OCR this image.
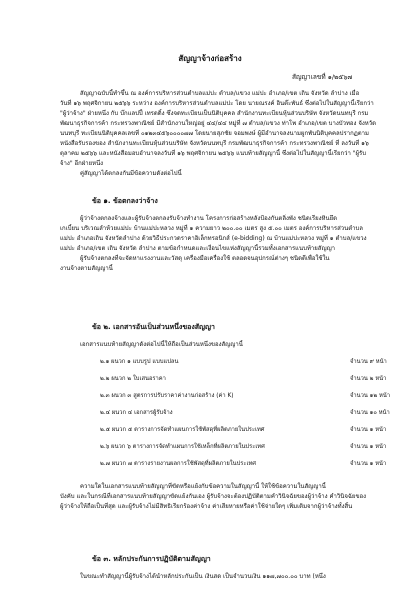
สัญญาจ้างก่อสร้าง
สัญญาเลขที่ ๑/๒๕๖๗
สัญญาฉบับนี้ทำขึ้น ณ องค์การบริหารส่วนตำบลแม่ปะ ตำบล/แขวง แม่ปะ อำเภอ/เขต เถิน จังหวัด ลำปาง เมื่อ
วันที่ ๑๖ พฤศจิกายน ๒๕๖๖ ระหว่าง องค์การบริหารส่วนตำบลแม่ปะ โดย นายณรงค์ อินต๊ะพันธ์ ซึ่งต่อไปในสัญญานี้เรียกว่า
"ผู้ว่าจ้าง" ฝ่ายหนึ่ง กับ บ๊กแลปปี้ เทรดดิ้ง ซึ่งจดทะเบียนเป็นนิติบุคคล สำนักงานทะเบียนหุ้นส่วนบริษัท จังหวัดนนทบุรี กรม
พัฒนาธุรกิจการค้า กระทรวงพาณิชย์ มีสำนักงานใหญ่อยู่ ๔๔/๔๔ หมู่ที่ ๗ ตำบล/แขวง ท่าโพ อำเภอ/เขต บางบัวทอง จังหวัด
นนทบุรี ทะเบียนนิติบุคคลเลขที่ ๐๑๒๓๔๕๖๐๐๐๐๗๗ โดยนายสุภชัย จอมพงษ์ ผู้มีอำนาจลงนามผูกพันนิติบุคคลปรากฏตาม
หนังสือรับรองของ สำนักงานทะเบียนหุ้นส่วนบริษัท จังหวัดนนทบุรี กรมพัฒนาธุรกิจการค้า กระทรวงพาณิชย์ ที่ ลงวันที่ ๑๖
ตุลาคม ๒๕๖๖ และหนังสือมอบอำนาจลงวันที่ ๑๖ พฤศจิกายน ๒๕๖๖ แนบท้ายสัญญานี้ ซึ่งต่อไปในสัญญานี้เรียกว่า "ผู้รับ
จ้าง" อีกฝ่ายหนึ่ง
คู่สัญญาได้ตกลงกันมีข้อความดังต่อไปนี้
ข้อ ๑. ข้อตกลงว่าจ้าง
ผู้ว่าจ้างตกลงจ้างและผู้รับจ้างตกลงรับจ้างทำงาน โครงการก่อสร้างหลังป้องกันตลิ่งพัง ชนิดเรียงหินยึด
เกเบี้ยน บริเวณลำห้วยแม่ปะ บ้านแม่ปะหลวง หมู่ที่ ๑ ความยาว ๒๐๐.๐๐ เมตร สูง ๕.๐๐ เมตร องค์การบริหารส่วนตำบล
แม่ปะ อำเภอเถิน จังหวัดลำปาง ด้วยวิธีประกวดราคาอิเล็กทรอนิกส์ (e-bidding) ณ บ้านแม่ปะหลวง หมู่ที่ ๑ ตำบล/แขวง
แม่ปะ อำเภอ/เขต เถิน จังหวัด ลำปาง ตามข้อกำหนดและเงื่อนไขแห่งสัญญานี้รวมทั้งเอกสารแนบท้ายสัญญา
ผู้รับจ้างตกลงที่จะจัดหาแรงงานและวัสดุ เครื่องมือเครื่องใช้ ตลอดจนอุปกรณ์ต่างๆ ชนิดดีเพื่อใช้ใน
งานจ้างตามสัญญานี้
ข้อ ๒. เอกสารอันเป็นส่วนหนึ่งของสัญญา
เอกสารแนบท้ายสัญญาดังต่อไปนี้ให้ถือเป็นส่วนหนึ่งของสัญญานี้
๒.๑ ผนวก ๑ แบบรูป แบบแปลน	จำนวน ๙ หน้า
๒.๒ ผนวก ๒ ใบเสนอราคา	จำนวน ๒ หน้า
๒.๓ ผนวก ๓ สูตรการปรับราคาค่างานก่อสร้าง (ค่า K)	จำนวน ๑๒ หน้า
๒.๔ ผนวก ๔ เอกสารผู้รับจ้าง	จำนวน ๑๐ หน้า
๒.๕ ผนวก ๕ ตารางการจัดทำแผนการใช้พัสดุที่ผลิตภายในประเทศ	จำนวน ๑ หน้า
๒.๖ ผนวก ๖ ตารางการจัดทำแผนการใช้เหล็กที่ผลิตภายในประเทศ	จำนวน ๑ หน้า
๒.๗ ผนวก ๗ ตารางรายงานผลการใช้พัสดุที่ผลิตภายในประเทศ	จำนวน ๑ หน้า
ความใดในเอกสารแนบท้ายสัญญาที่ขัดหรือแย้งกับข้อความในสัญญานี้ ให้ใช้ข้อความในสัญญานี้
บังคับ และในกรณีที่เอกสารแนบท้ายสัญญาขัดแย้งกันเอง ผู้รับจ้างจะต้องปฏิบัติตามคำวินิจฉัยของผู้ว่าจ้าง คำวินิจฉัยของ
ผู้ว่าจ้างให้ถือเป็นที่สุด และผู้รับจ้างไม่มีสิทธิเรียกร้องค่าจ้าง ค่าเสียหายหรือค่าใช้จ่ายใดๆ เพิ่มเติมจากผู้ว่าจ้างทั้งสิ้น
ข้อ ๓. หลักประกันการปฏิบัติตามสัญญา
ในขณะทำสัญญานี้ผู้รับจ้างได้นำหลักประกันเป็น เงินสด เป็นจำนวนเงิน ๑๑๗,๗๐๐.๐๐ บาท (หนึ่ง
